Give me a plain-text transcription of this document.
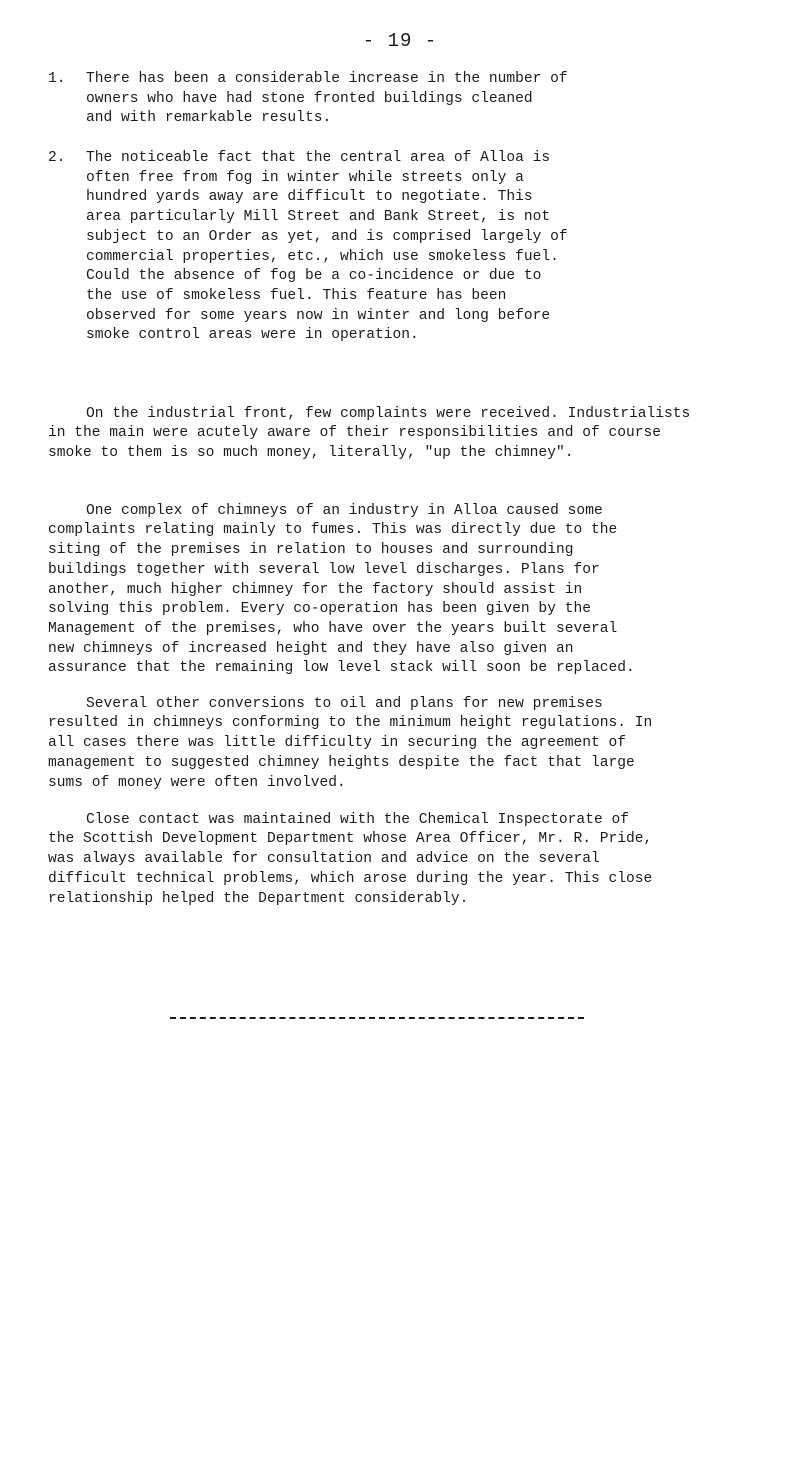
- 19 -
1. There has been a considerable increase in the number of
owners who have had stone fronted buildings cleaned
and with remarkable results.
2. The noticeable fact that the central area of Alloa is
often free from fog in winter while streets only a
hundred yards away are difficult to negotiate. This
area particularly Mill Street and Bank Street, is not
subject to an Order as yet, and is comprised largely of
commercial properties, etc., which use smokeless fuel.
Could the absence of fog be a co-incidence or due to
the use of smokeless fuel. This feature has been
observed for some years now in winter and long before
smoke control areas were in operation.

On the industrial front, few complaints were received. Industrialists
in the main were acutely aware of their responsibilities and of course
smoke to them is so much money, literally, "up the chimney".

One complex of chimneys of an industry in Alloa caused some
complaints relating mainly to fumes. This was directly due to the
siting of the premises in relation to houses and surrounding
buildings together with several low level discharges. Plans for
another, much higher chimney for the factory should assist in
solving this problem. Every co-operation has been given by the
Management of the premises, who have over the years built several
new chimneys of increased height and they have also given an
assurance that the remaining low level stack will soon be replaced.

Several other conversions to oil and plans for new premises
resulted in chimneys conforming to the minimum height regulations. In
all cases there was little difficulty in securing the agreement of
management to suggested chimney heights despite the fact that large
sums of money were often involved.

Close contact was maintained with the Chemical Inspectorate of
the Scottish Development Department whose Area Officer, Mr. R. Pride,
was always available for consultation and advice on the several
difficult technical problems, which arose during the year. This close
relationship helped the Department considerably.
